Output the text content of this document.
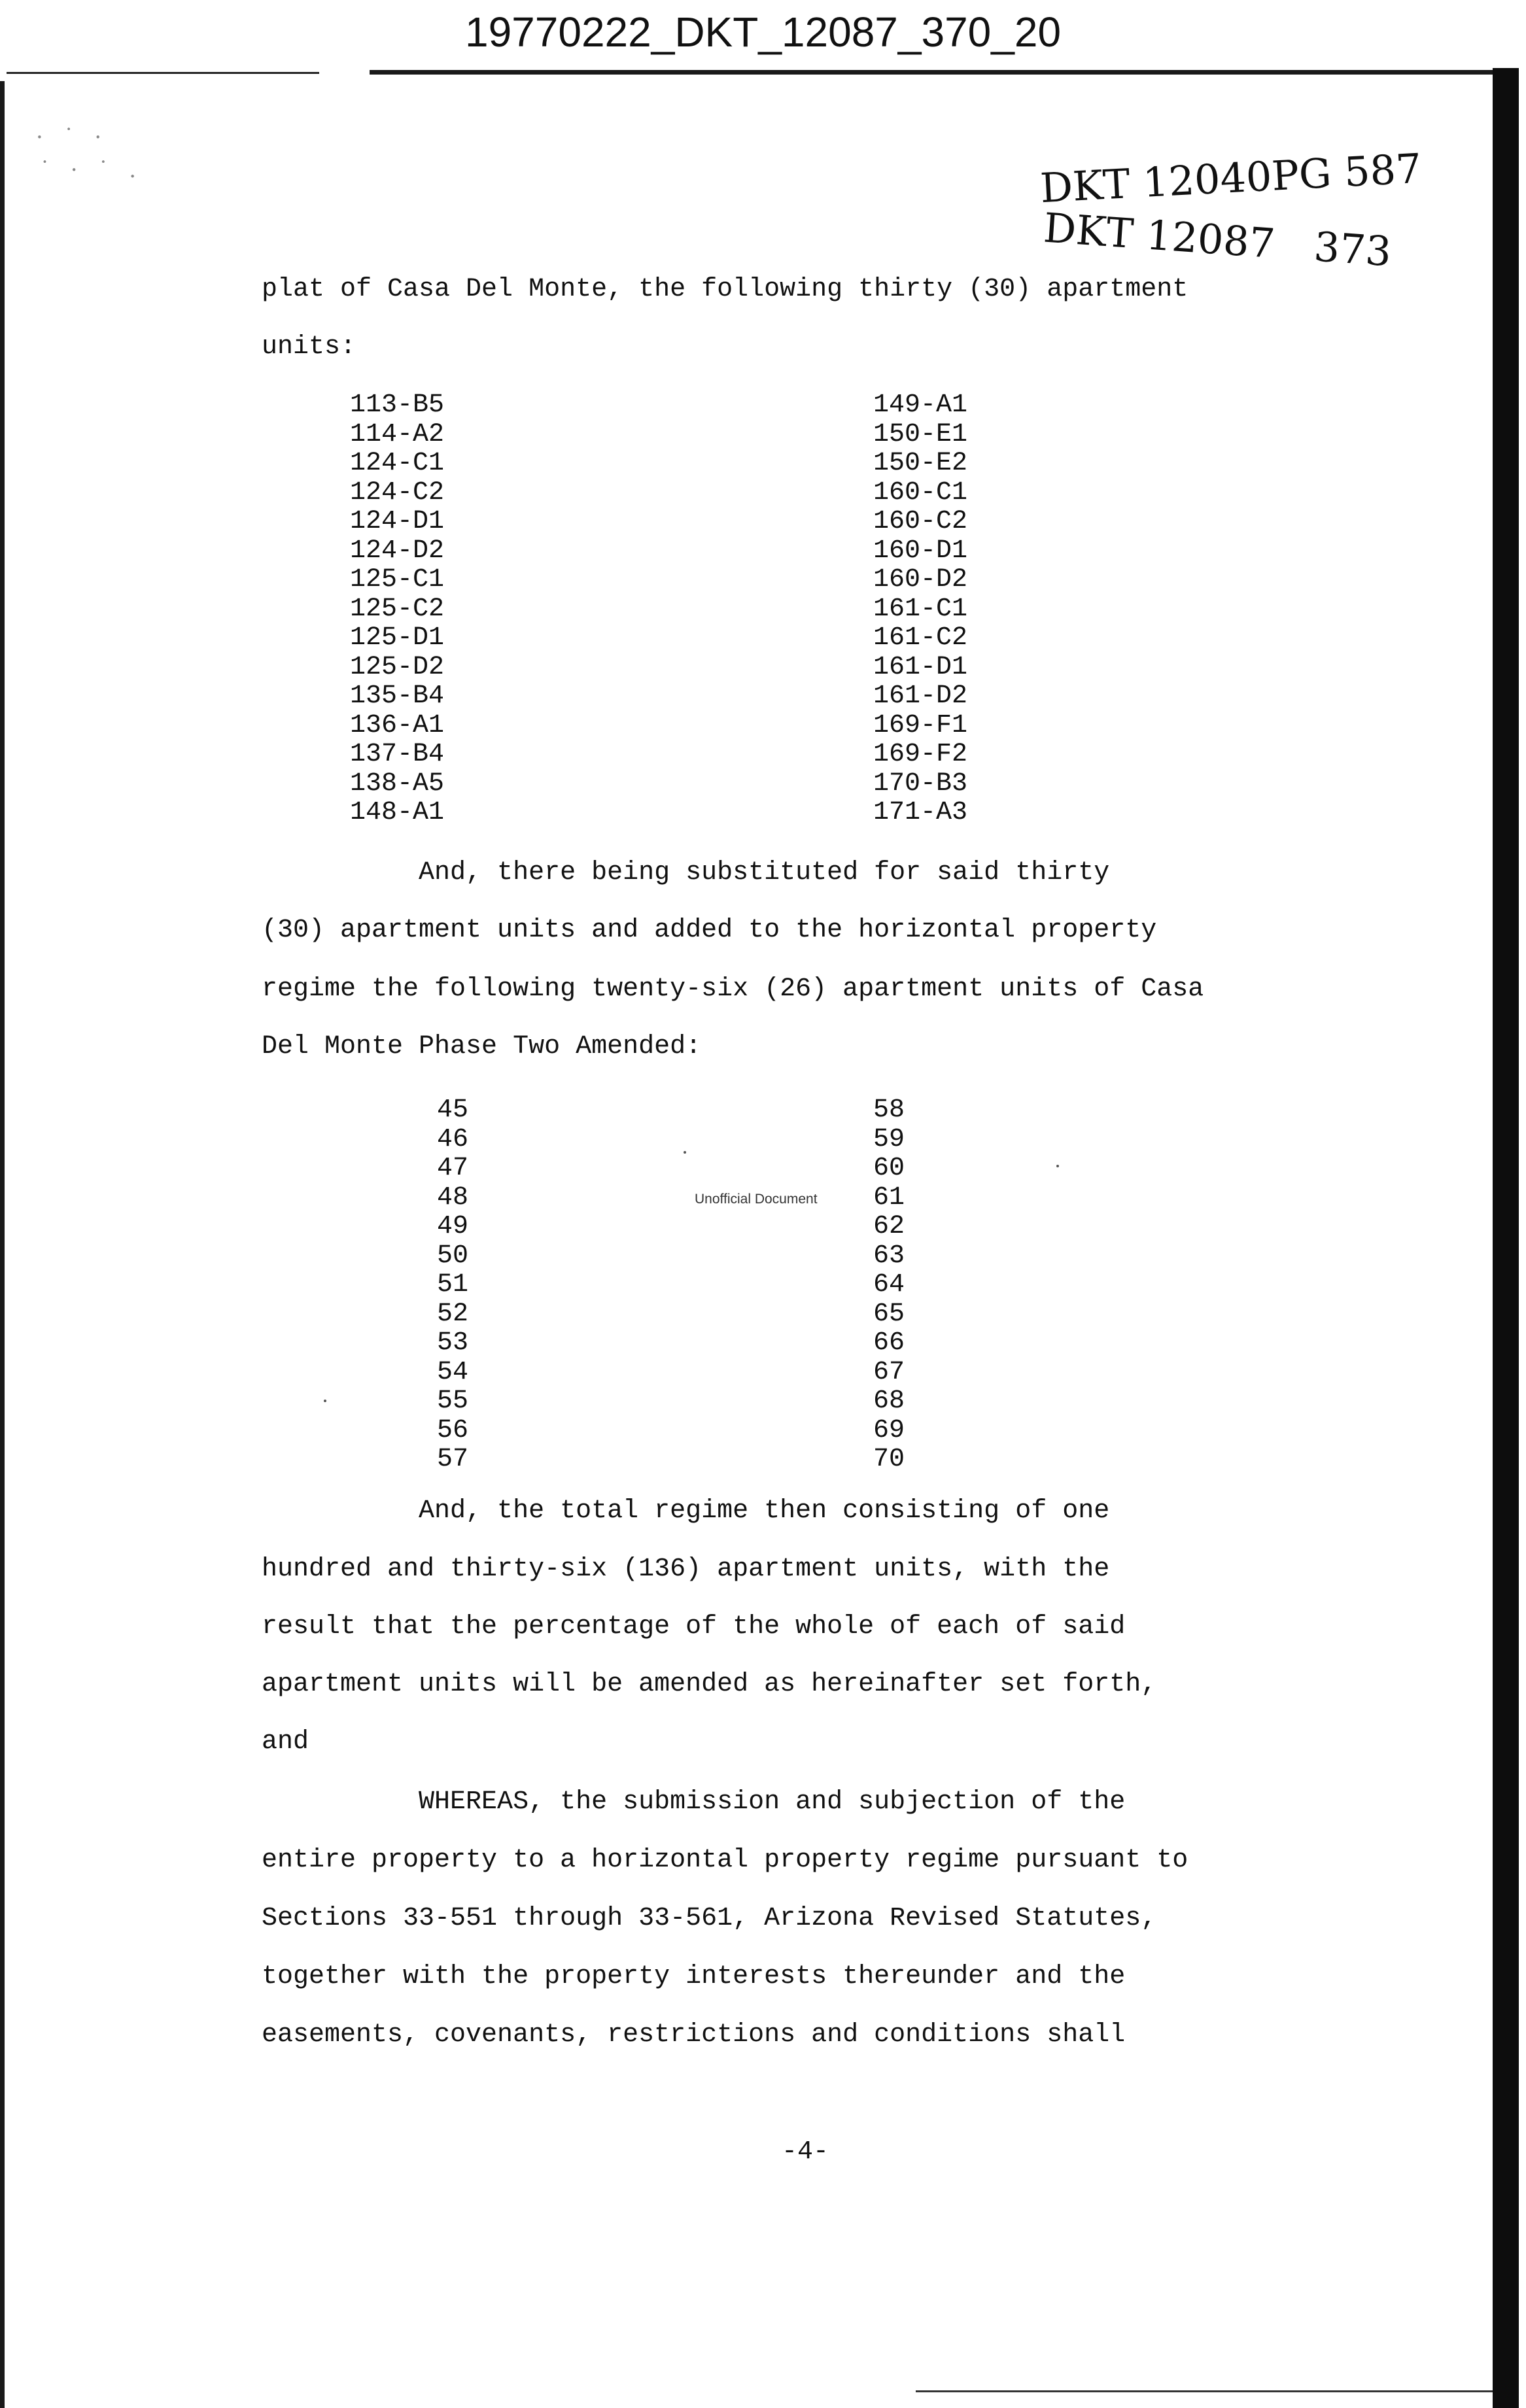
19770222_DKT_12087_370_20
· ˙ ·
˙ · ˙ .	DKT 12040PG 587
DKT 12087 373
plat of Casa Del Monte, the following thirty (30) apartment
units:
113-B5
114-A2
124-C1
124-C2
124-D1
124-D2
125-C1
125-C2
125-D1
125-D2
135-B4
136-A1
137-B4
138-A5
148-A1
149-A1
150-E1
150-E2
160-C1
160-C2
160-D1
160-D2
161-C1
161-C2
161-D1
161-D2
169-F1
169-F2
170-B3
171-A3
And, there being substituted for said thirty
(30) apartment units and added to the horizontal property
regime the following twenty-six (26) apartment units of Casa
Del Monte Phase Two Amended:
45
46
47
48
49
50
51
52
53
54
55
56
57
58
59
60
61
62
63
64
65
66
67
68
69
70
Unofficial Document
And, the total regime then consisting of one
hundred and thirty-six (136) apartment units, with the
result that the percentage of the whole of each of said
apartment units will be amended as hereinafter set forth,
and
WHEREAS, the submission and subjection of the
entire property to a horizontal property regime pursuant to
Sections 33-551 through 33-561, Arizona Revised Statutes,
together with the property interests thereunder and the
easements, covenants, restrictions and conditions shall
-4-
